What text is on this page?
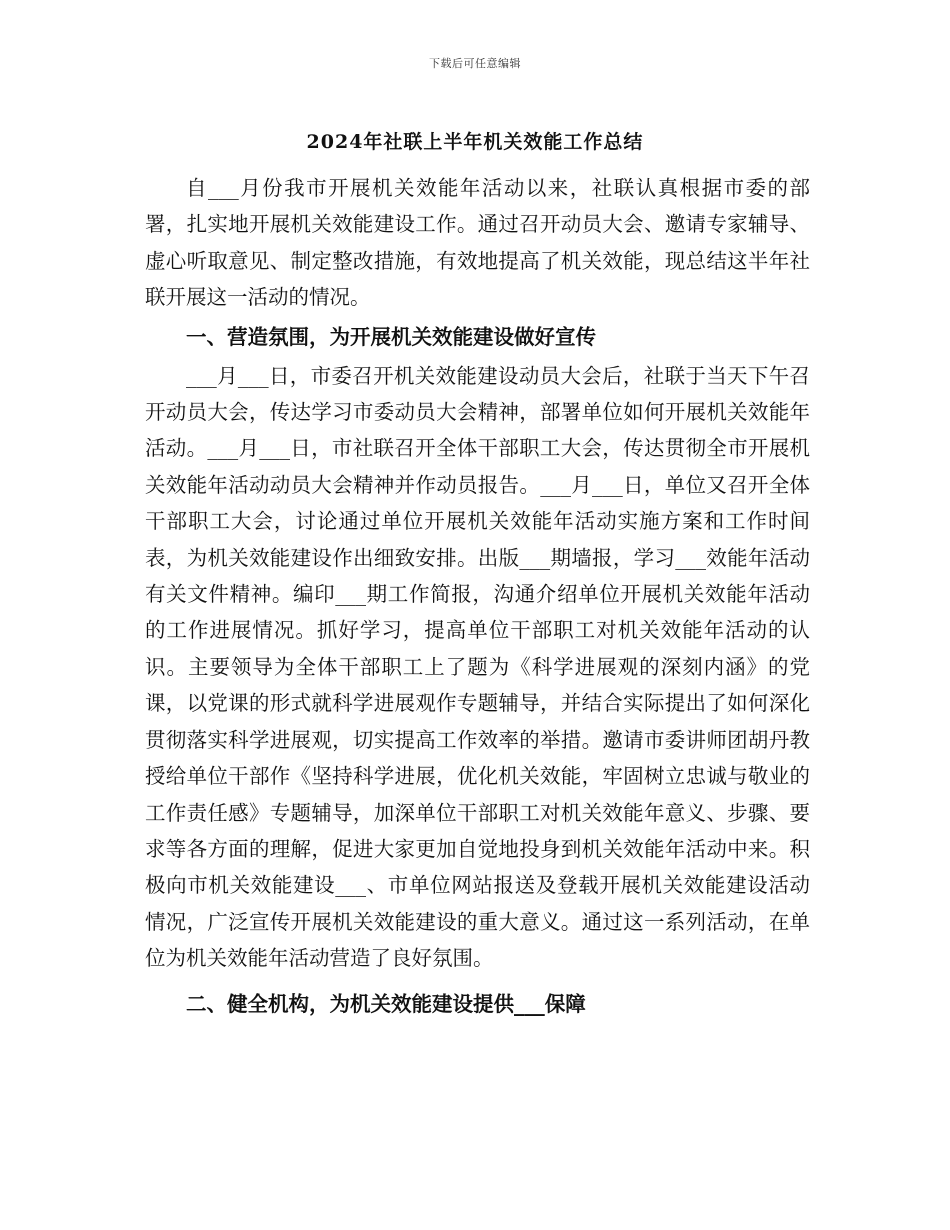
下载后可任意编辑
2024年社联上半年机关效能工作总结

自___月份我市开展机关效能年活动以来，社联认真根据市委的部署，扎实地开展机关效能建设工作。通过召开动员大会、邀请专家辅导、虚心听取意见、制定整改措施，有效地提高了机关效能，现总结这半年社联开展这一活动的情况。

一、营造氛围，为开展机关效能建设做好宣传

___月___日，市委召开机关效能建设动员大会后，社联于当天下午召开动员大会，传达学习市委动员大会精神，部署单位如何开展机关效能年活动。___月___日，市社联召开全体干部职工大会，传达贯彻全市开展机关效能年活动动员大会精神并作动员报告。___月___日，单位又召开全体干部职工大会，讨论通过单位开展机关效能年活动实施方案和工作时间表，为机关效能建设作出细致安排。出版___期墙报，学习___效能年活动有关文件精神。编印___期工作简报，沟通介绍单位开展机关效能年活动的工作进展情况。抓好学习，提高单位干部职工对机关效能年活动的认识。主要领导为全体干部职工上了题为《科学进展观的深刻内涵》的党课，以党课的形式就科学进展观作专题辅导，并结合实际提出了如何深化贯彻落实科学进展观，切实提高工作效率的举措。邀请市委讲师团胡丹教授给单位干部作《坚持科学进展，优化机关效能，牢固树立忠诚与敬业的工作责任感》专题辅导，加深单位干部职工对机关效能年意义、步骤、要求等各方面的理解，促进大家更加自觉地投身到机关效能年活动中来。积极向市机关效能建设___、市单位网站报送及登载开展机关效能建设活动情况，广泛宣传开展机关效能建设的重大意义。通过这一系列活动，在单位为机关效能年活动营造了良好氛围。

二、健全机构，为机关效能建设提供___保障
